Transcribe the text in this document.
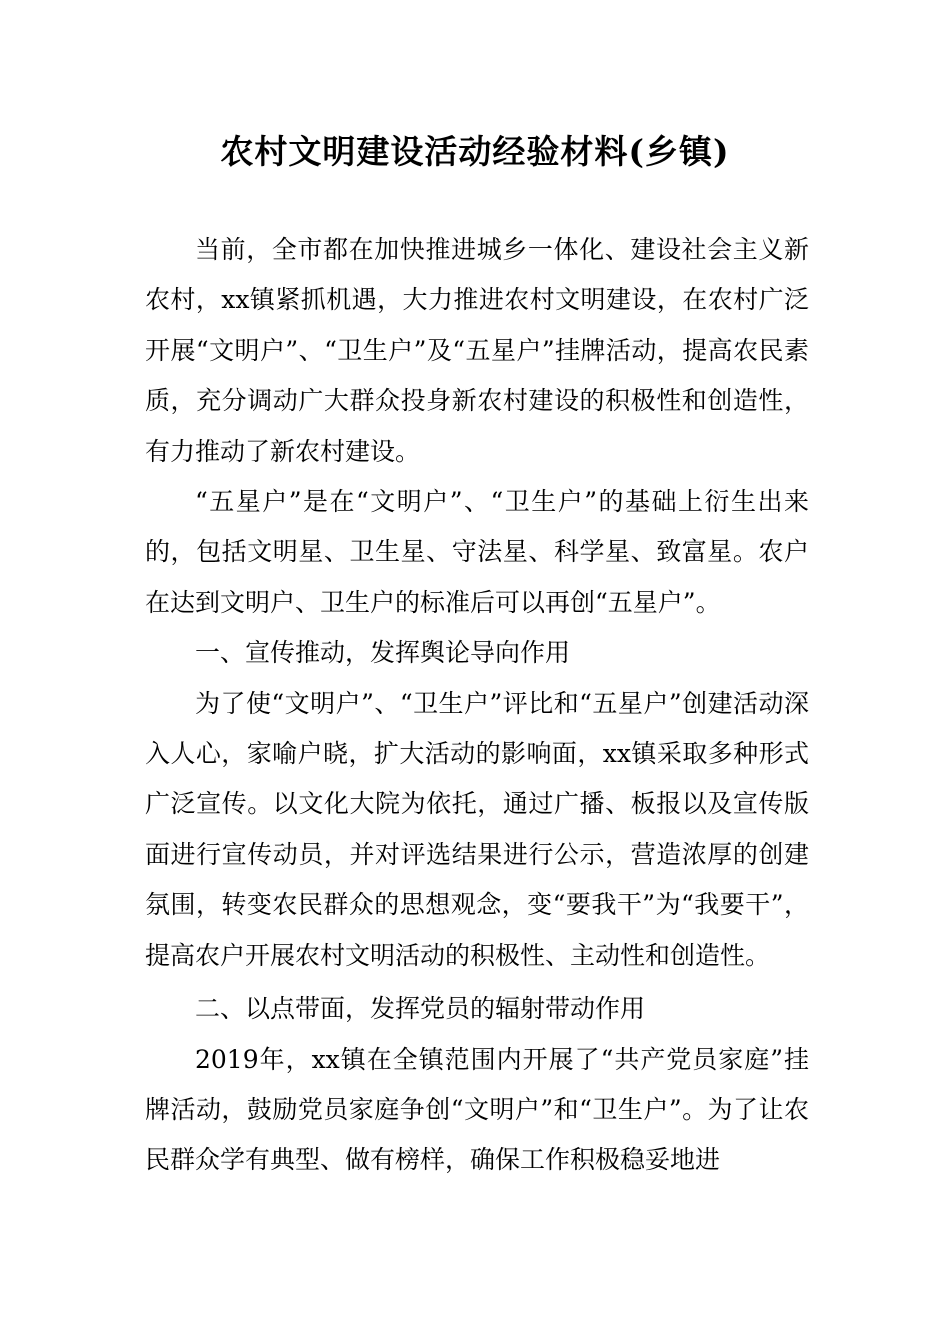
农村文明建设活动经验材料(乡镇)

当前，全市都在加快推进城乡一体化、建设社会主义新农村，xx镇紧抓机遇，大力推进农村文明建设，在农村广泛开展“文明户”、“卫生户”及“五星户”挂牌活动，提高农民素质，充分调动广大群众投身新农村建设的积极性和创造性，有力推动了新农村建设。

“五星户”是在“文明户”、“卫生户”的基础上衍生出来的，包括文明星、卫生星、守法星、科学星、致富星。农户在达到文明户、卫生户的标准后可以再创“五星户”。

一、宣传推动，发挥舆论导向作用

为了使“文明户”、“卫生户”评比和“五星户”创建活动深入人心，家喻户晓，扩大活动的影响面，xx镇采取多种形式广泛宣传。以文化大院为依托，通过广播、板报以及宣传版面进行宣传动员，并对评选结果进行公示，营造浓厚的创建氛围，转变农民群众的思想观念，变“要我干”为“我要干”，提高农户开展农村文明活动的积极性、主动性和创造性。

二、以点带面，发挥党员的辐射带动作用

2019年，xx镇在全镇范围内开展了“共产党员家庭”挂牌活动，鼓励党员家庭争创“文明户”和“卫生户”。为了让农民群众学有典型、做有榜样，确保工作积极稳妥地进
